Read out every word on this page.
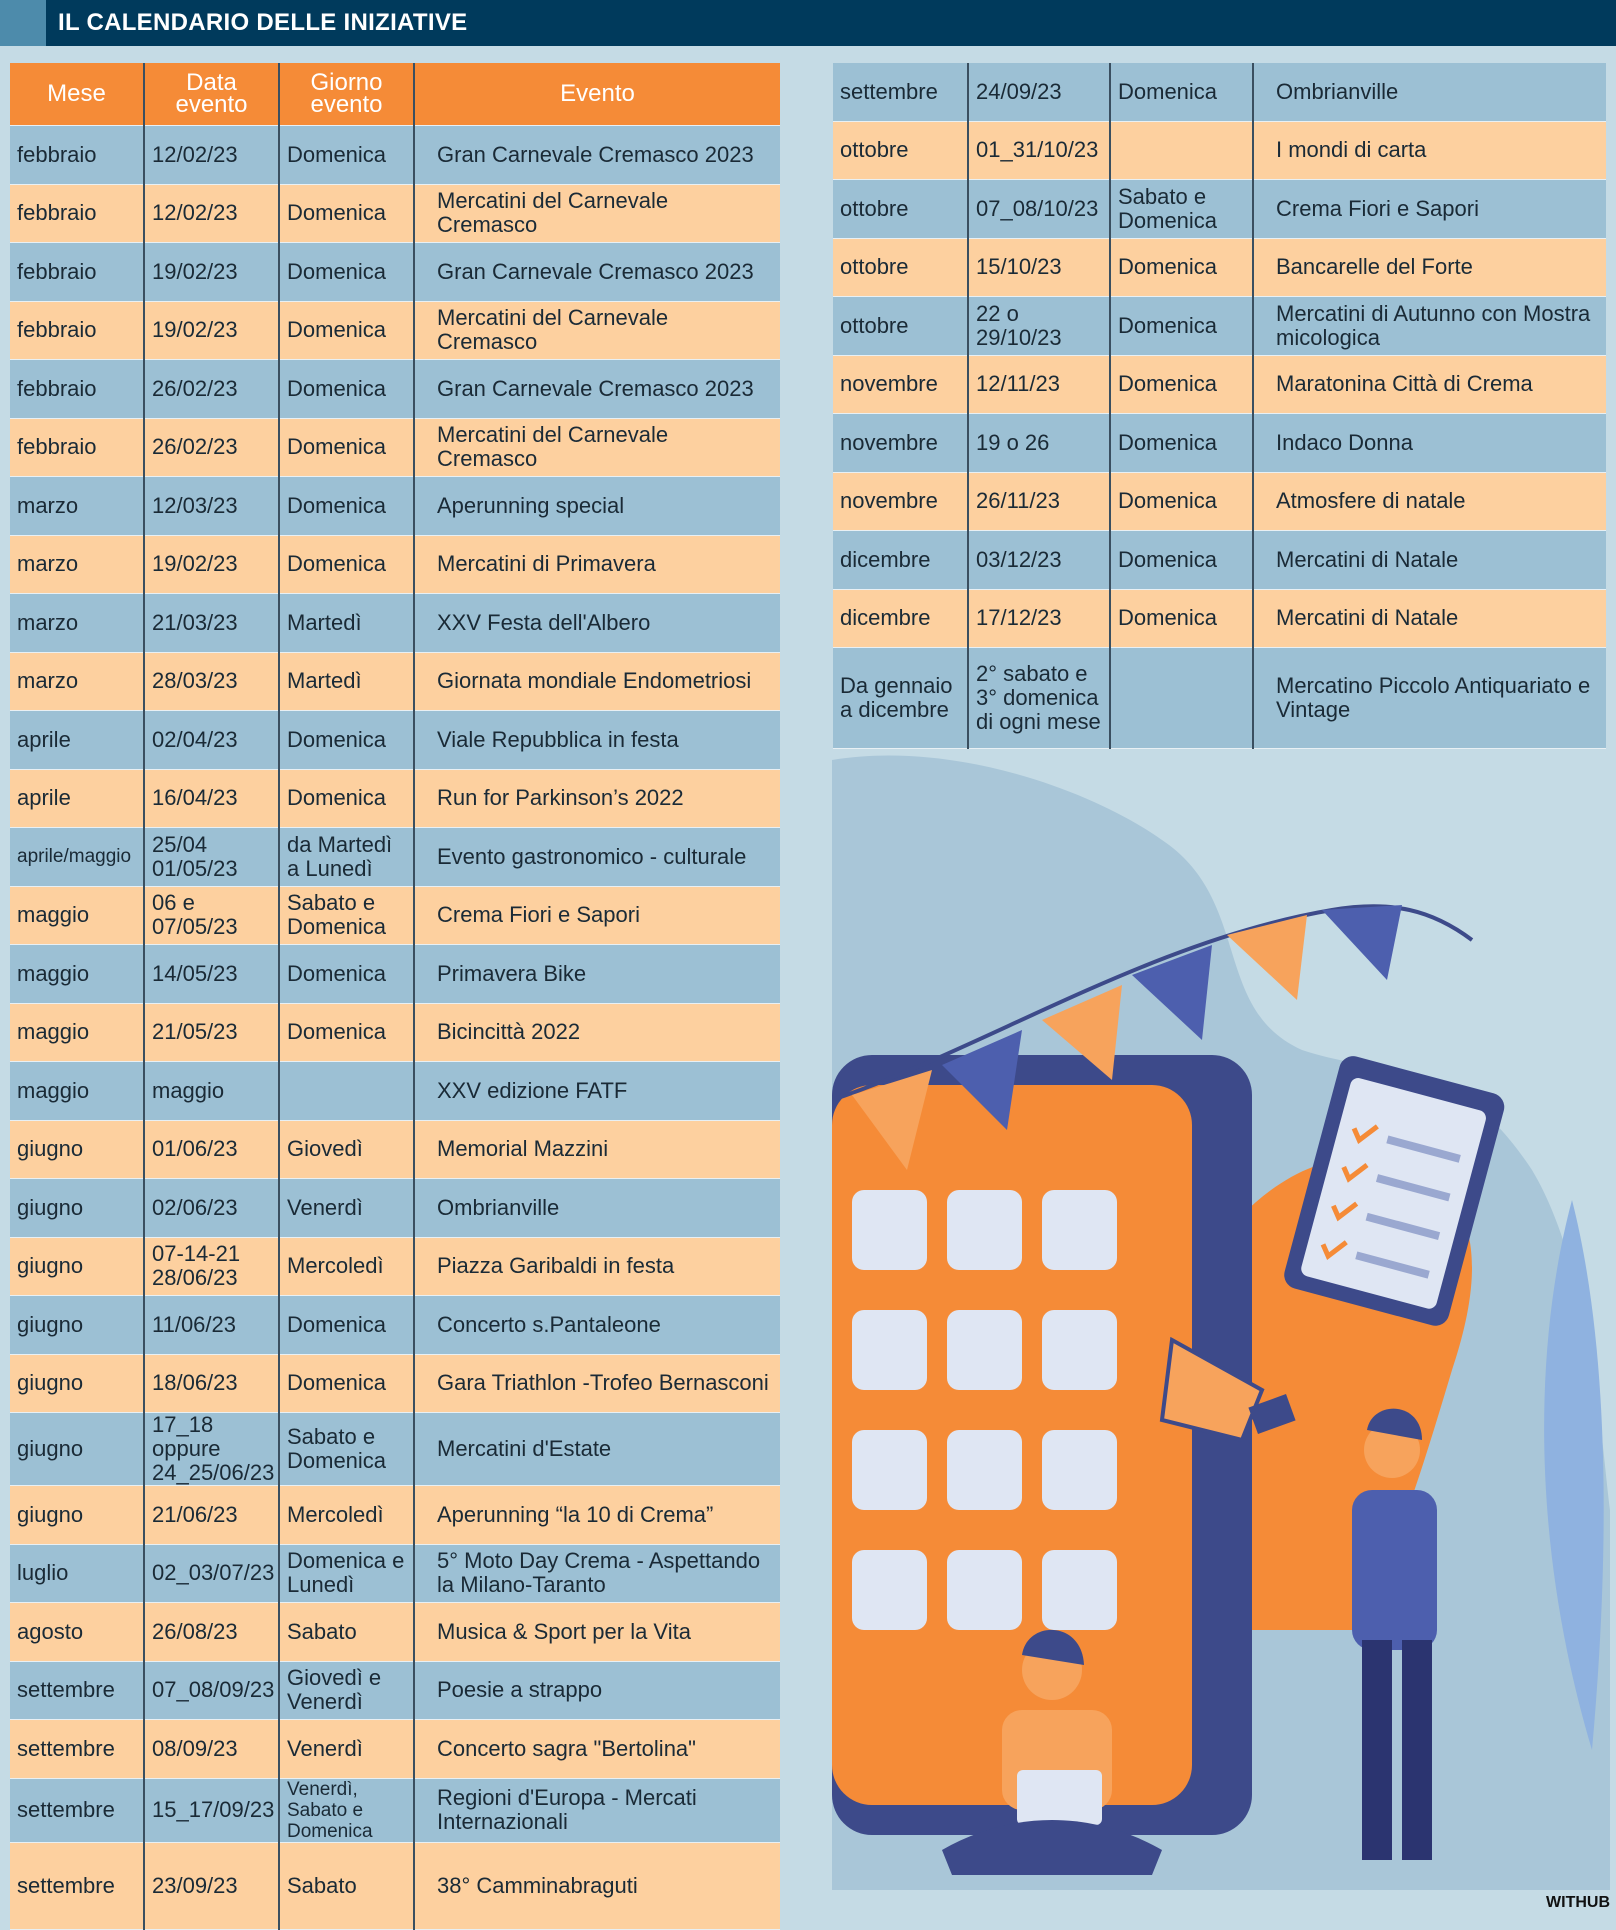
IL CALENDARIO DELLE INIZIATIVE
Mese	Data evento	Giorno evento	Evento
febbraio	12/02/23	Domenica	Gran Carnevale Cremasco 2023
febbraio	12/02/23	Domenica	Mercatini del Carnevale Cremasco
febbraio	19/02/23	Domenica	Gran Carnevale Cremasco 2023
febbraio	19/02/23	Domenica	Mercatini del Carnevale Cremasco
febbraio	26/02/23	Domenica	Gran Carnevale Cremasco 2023
febbraio	26/02/23	Domenica	Mercatini del Carnevale Cremasco
marzo	12/03/23	Domenica	Aperunning special
marzo	19/02/23	Domenica	Mercatini di Primavera
marzo	21/03/23	Martedì	XXV Festa dell'Albero
marzo	28/03/23	Martedì	Giornata mondiale Endometriosi
aprile	02/04/23	Domenica	Viale Repubblica in festa
aprile	16/04/23	Domenica	Run for Parkinson’s 2022
aprile/maggio	25/04 01/05/23	da Martedì a Lunedì	Evento gastronomico - culturale
maggio	06 e 07/05/23	Sabato e Domenica	Crema Fiori e Sapori
maggio	14/05/23	Domenica	Primavera Bike
maggio	21/05/23	Domenica	Bicincittà 2022
maggio	maggio		XXV edizione FATF
giugno	01/06/23	Giovedì	Memorial Mazzini
giugno	02/06/23	Venerdì	Ombrianville
giugno	07-14-21 28/06/23	Mercoledì	Piazza Garibaldi in festa
giugno	11/06/23	Domenica	Concerto s.Pantaleone
giugno	18/06/23	Domenica	Gara Triathlon -Trofeo Bernasconi
giugno	17_18 oppure 24_25/06/23	Sabato e Domenica	Mercatini d'Estate
giugno	21/06/23	Mercoledì	Aperunning “la 10 di Crema”
luglio	02_03/07/23	Domenica e Lunedì	5° Moto Day Crema - Aspettando la Milano-Taranto
agosto	26/08/23	Sabato	Musica & Sport per la Vita
settembre	07_08/09/23	Giovedì e Venerdì	Poesie a strappo
settembre	08/09/23	Venerdì	Concerto sagra "Bertolina"
settembre	15_17/09/23	Venerdì, Sabato e Domenica	Regioni d'Europa - Mercati Internazionali
settembre	23/09/23	Sabato	38° Camminabraguti
settembre	24/09/23	Domenica	Ombrianville
ottobre	01_31/10/23		I mondi di carta
ottobre	07_08/10/23	Sabato e Domenica	Crema Fiori e Sapori
ottobre	15/10/23	Domenica	Bancarelle del Forte
ottobre	22 o 29/10/23	Domenica	Mercatini di Autunno con Mostra micologica
novembre	12/11/23	Domenica	Maratonina Città di Crema
novembre	19 o 26	Domenica	Indaco Donna
novembre	26/11/23	Domenica	Atmosfere di natale
dicembre	03/12/23	Domenica	Mercatini di Natale
dicembre	17/12/23	Domenica	Mercatini di Natale
Da gennaio a dicembre	2° sabato e 3° domenica di ogni mese		Mercatino Piccolo Antiquariato e Vintage
WITHUB
